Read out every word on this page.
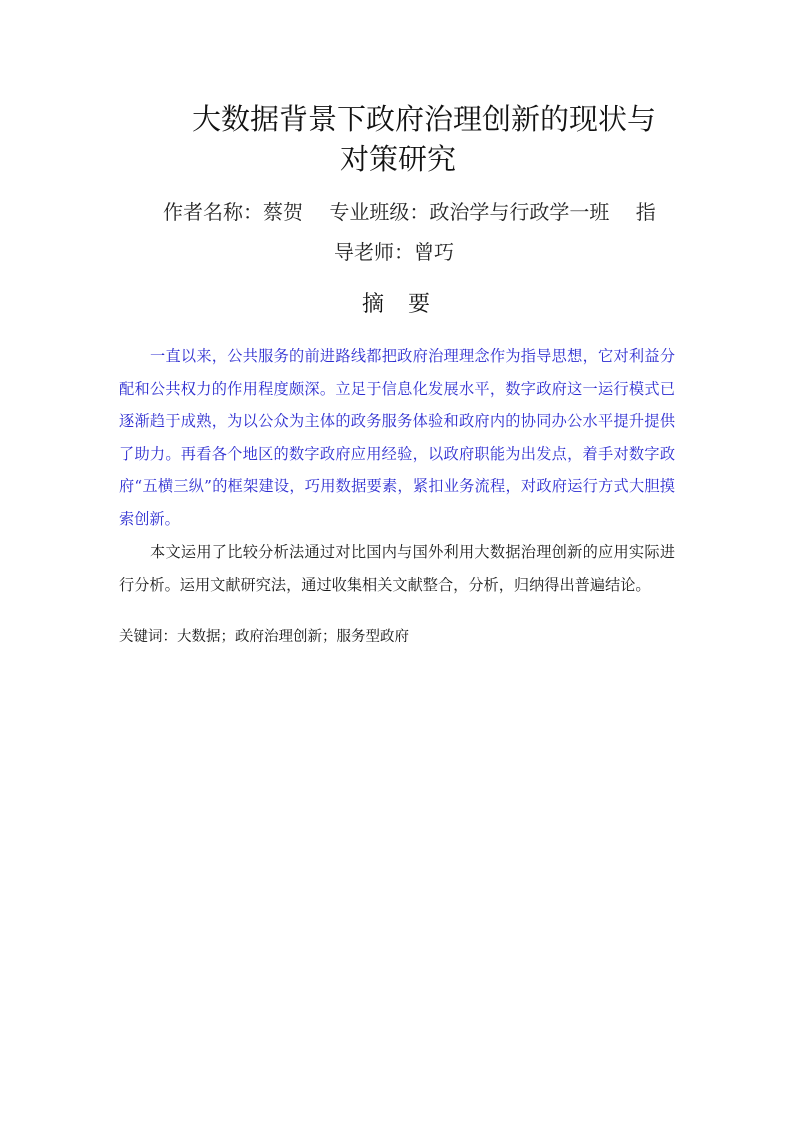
大数据背景下政府治理创新的现状与
对策研究
作者名称：蔡贺 专业班级：政治学与行政学一班 指
导老师：曾巧
摘要

一直以来，公共服务的前进路线都把政府治理理念作为指导思想，它对利益分配和公共权力的作用程度颇深。立足于信息化发展水平，数字政府这一运行模式已逐渐趋于成熟，为以公众为主体的政务服务体验和政府内的协同办公水平提升提供了助力。再看各个地区的数字政府应用经验，以政府职能为出发点，着手对数字政府“五横三纵”的框架建设，巧用数据要素，紧扣业务流程，对政府运行方式大胆摸索创新。

本文运用了比较分析法通过对比国内与国外利用大数据治理创新的应用实际进行分析。运用文献研究法，通过收集相关文献整合，分析，归纳得出普遍结论。

关键词：大数据；政府治理创新；服务型政府
